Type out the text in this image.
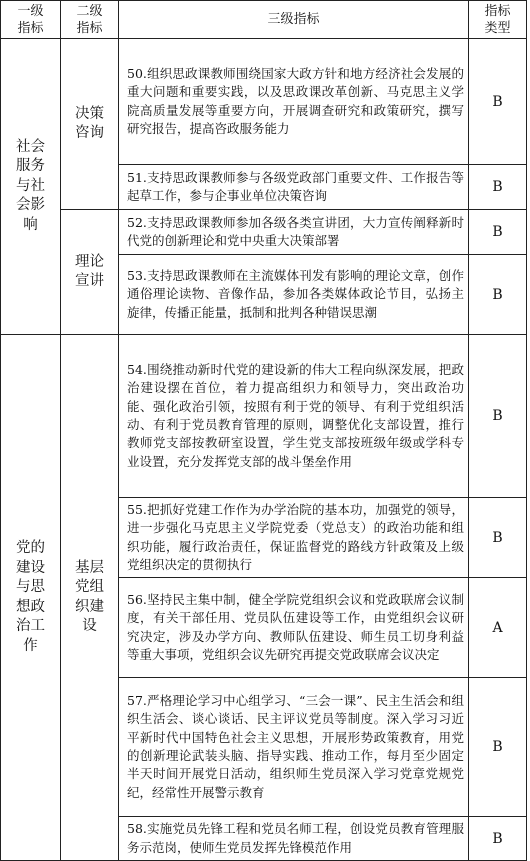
一级指标	二级指标	三级指标	指标类型
社会服务与社会影响	决策咨询	50.组织思政课教师围绕国家大政方针和地方经济社会发展的重大问题和重要实践，以及思政课改革创新、马克思主义学院高质量发展等重要方向，开展调查研究和政策研究，撰写研究报告，提高咨政服务能力	B
		51.支持思政课教师参与各级党政部门重要文件、工作报告等起草工作，参与企事业单位决策咨询	B
	理论宣讲	52.支持思政课教师参加各级各类宣讲团，大力宣传阐释新时代党的创新理论和党中央重大决策部署	B
		53.支持思政课教师在主流媒体刊发有影响的理论文章，创作通俗理论读物、音像作品，参加各类媒体政论节目，弘扬主旋律，传播正能量，抵制和批判各种错误思潮	B
党的建设与思想政治工作	基层党组织建设	54.围绕推动新时代党的建设新的伟大工程向纵深发展，把政治建设摆在首位，着力提高组织力和领导力，突出政治功能、强化政治引领，按照有利于党的领导、有利于党组织活动、有利于党员教育管理的原则，调整优化支部设置，推行教师党支部按教研室设置，学生党支部按班级年级或学科专业设置，充分发挥党支部的战斗堡垒作用	B
		55.把抓好党建工作作为办学治院的基本功，加强党的领导，进一步强化马克思主义学院党委（党总支）的政治功能和组织功能，履行政治责任，保证监督党的路线方针政策及上级党组织决定的贯彻执行	B
		56.坚持民主集中制，健全学院党组织会议和党政联席会议制度，有关干部任用、党员队伍建设等工作，由党组织会议研究决定，涉及办学方向、教师队伍建设、师生员工切身利益等重大事项，党组织会议先研究再提交党政联席会议决定	A
		57.严格理论学习中心组学习、“三会一课”、民主生活会和组织生活会、谈心谈话、民主评议党员等制度。深入学习习近平新时代中国特色社会主义思想，开展形势政策教育，用党的创新理论武装头脑、指导实践、推动工作，每月至少固定半天时间开展党日活动，组织师生党员深入学习党章党规党纪，经常性开展警示教育	B
		58.实施党员先锋工程和党员名师工程，创设党员教育管理服务示范岗，使师生党员发挥先锋模范作用	B
